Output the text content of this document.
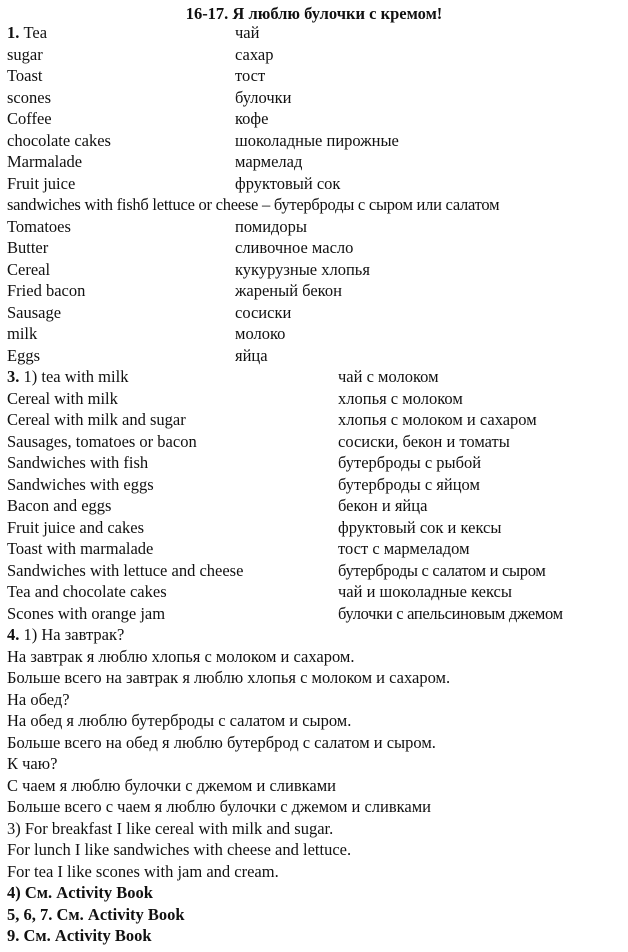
16-17. Я люблю булочки с кремом!
1. Tea	чай
sugar	сахар
Toast	тост
scones	булочки
Coffee	кофе
chocolate cakes	шоколадные пирожные
Marmalade	мармелад
Fruit juice	фруктовый сок
sandwiches with fishб lettuce or cheese – бутерброды с сыром или салатом
Tomatoes	помидоры
Butter	сливочное масло
Cereal	кукурузные хлопья
Fried bacon	жареный бекон
Sausage	сосиски
milk	молоко
Eggs	яйца
3. 1) tea with milk	чай с молоком
Cereal with milk	хлопья с молоком
Cereal with milk and sugar	хлопья с молоком и сахаром
Sausages, tomatoes or bacon	сосиски, бекон и томаты
Sandwiches with fish	бутерброды с рыбой
Sandwiches with eggs	бутерброды с яйцом
Bacon and eggs	бекон и яйца
Fruit juice and cakes	фруктовый сок и кексы
Toast with marmalade	тост с мармеладом
Sandwiches with lettuce and cheese	бутерброды с салатом и сыром
Tea and chocolate cakes	чай и шоколадные кексы
Scones with orange jam	булочки с апельсиновым джемом
4. 1) На завтрак?
На завтрак я люблю хлопья с молоком и сахаром.
Больше всего на завтрак я люблю хлопья с молоком и сахаром.
На обед?
На обед я люблю бутерброды с салатом и сыром.
Больше всего на обед я люблю бутерброд с салатом и сыром.
К чаю?
С чаем я люблю булочки с джемом и сливками
Больше всего с чаем я люблю булочки с джемом и сливками
3) For breakfast I like cereal with milk and sugar.
For lunch I like sandwiches with cheese and lettuce.
For tea I like scones with jam and cream.
4) См. Activity Book
5, 6, 7. См. Activity Book
9. См. Activity Book
